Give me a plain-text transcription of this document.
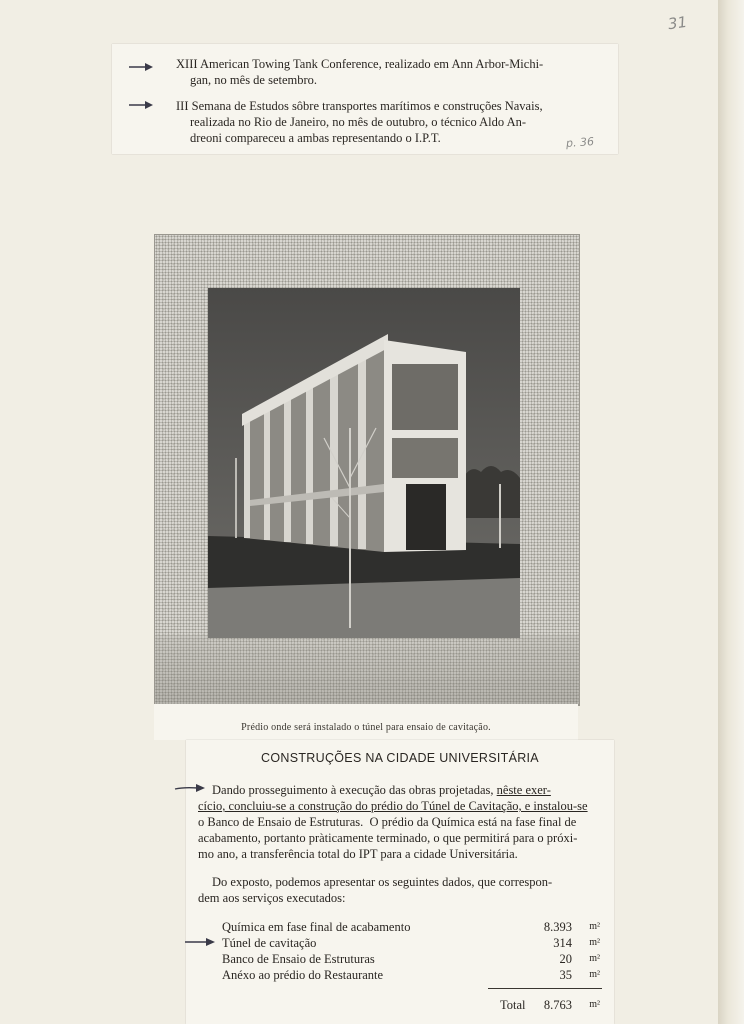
31
XIII American Towing Tank Conference, realizado em Ann Arbor-Michi-
gan, no mês de setembro.
III Semana de Estudos sôbre transportes marítimos e construções Navais,
realizada no Rio de Janeiro, no mês de outubro, o técnico Aldo An-
dreoni compareceu a ambas representando o I.P.T.	p. 36
Prédio onde será instalado o túnel para ensaio de cavitação.
CONSTRUÇÕES NA CIDADE UNIVERSITÁRIA
Dando prosseguimento à execução das obras projetadas, nêste exer-
cício, concluiu-se a construção do prédio do Túnel de Cavitação, e instalou-se
o Banco de Ensaio de Estruturas.  O prédio da Química está na fase final de
acabamento, portanto pràticamente terminado, o que permitirá para o próxi-
mo ano, a transferência total do IPT para a cidade Universitária.
Do exposto, podemos apresentar os seguintes dados, que correspon-
dem aos serviços executados:
Química em fase final de acabamento	8.393 m²
Túnel de cavitação	314 m²
Banco de Ensaio de Estruturas	20 m²
Anéxo ao prédio do Restaurante	35 m²
Total 8.763 m²
